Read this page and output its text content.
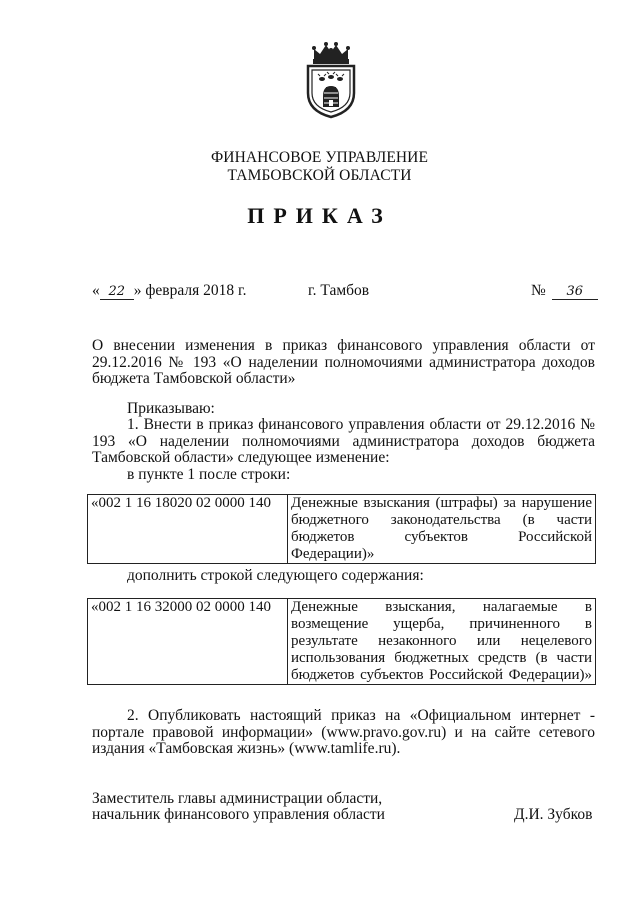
ФИНАНСОВОЕ УПРАВЛЕНИЕ
ТАМБОВСКОЙ ОБЛАСТИ
ПРИКАЗ
« 22 » февраля 2018 г.	г. Тамбов	№ 36
О внесении изменения в приказ финансового управления области от 29.12.2016 № 193 «О наделении полномочиями администратора доходов бюджета Тамбовской области»
Приказываю:
1. Внести в приказ финансового управления области от 29.12.2016 № 193 «О наделении полномочиями администратора доходов бюджета Тамбовской области» следующее изменение:
в пункте 1 после строки:
«002 1 16 18020 02 0000 140	Денежные взыскания (штрафы) за нарушение
бюджетного законодательства (в части
бюджетов субъектов Российской
Федерации)»
дополнить строкой следующего содержания:
«002 1 16 32000 02 0000 140	Денежные взыскания, налагаемые в
возмещение ущерба, причиненного в
результате незаконного или нецелевого
использования бюджетных средств (в части
бюджетов субъектов Российской Федерации)»
2. Опубликовать настоящий приказ на «Официальном интернет - портале правовой информации» (www.pravo.gov.ru) и на сайте сетевого издания «Тамбовская жизнь» (www.tamlife.ru).
Заместитель главы администрации области,
начальник финансового управления области	Д.И. Зубков
